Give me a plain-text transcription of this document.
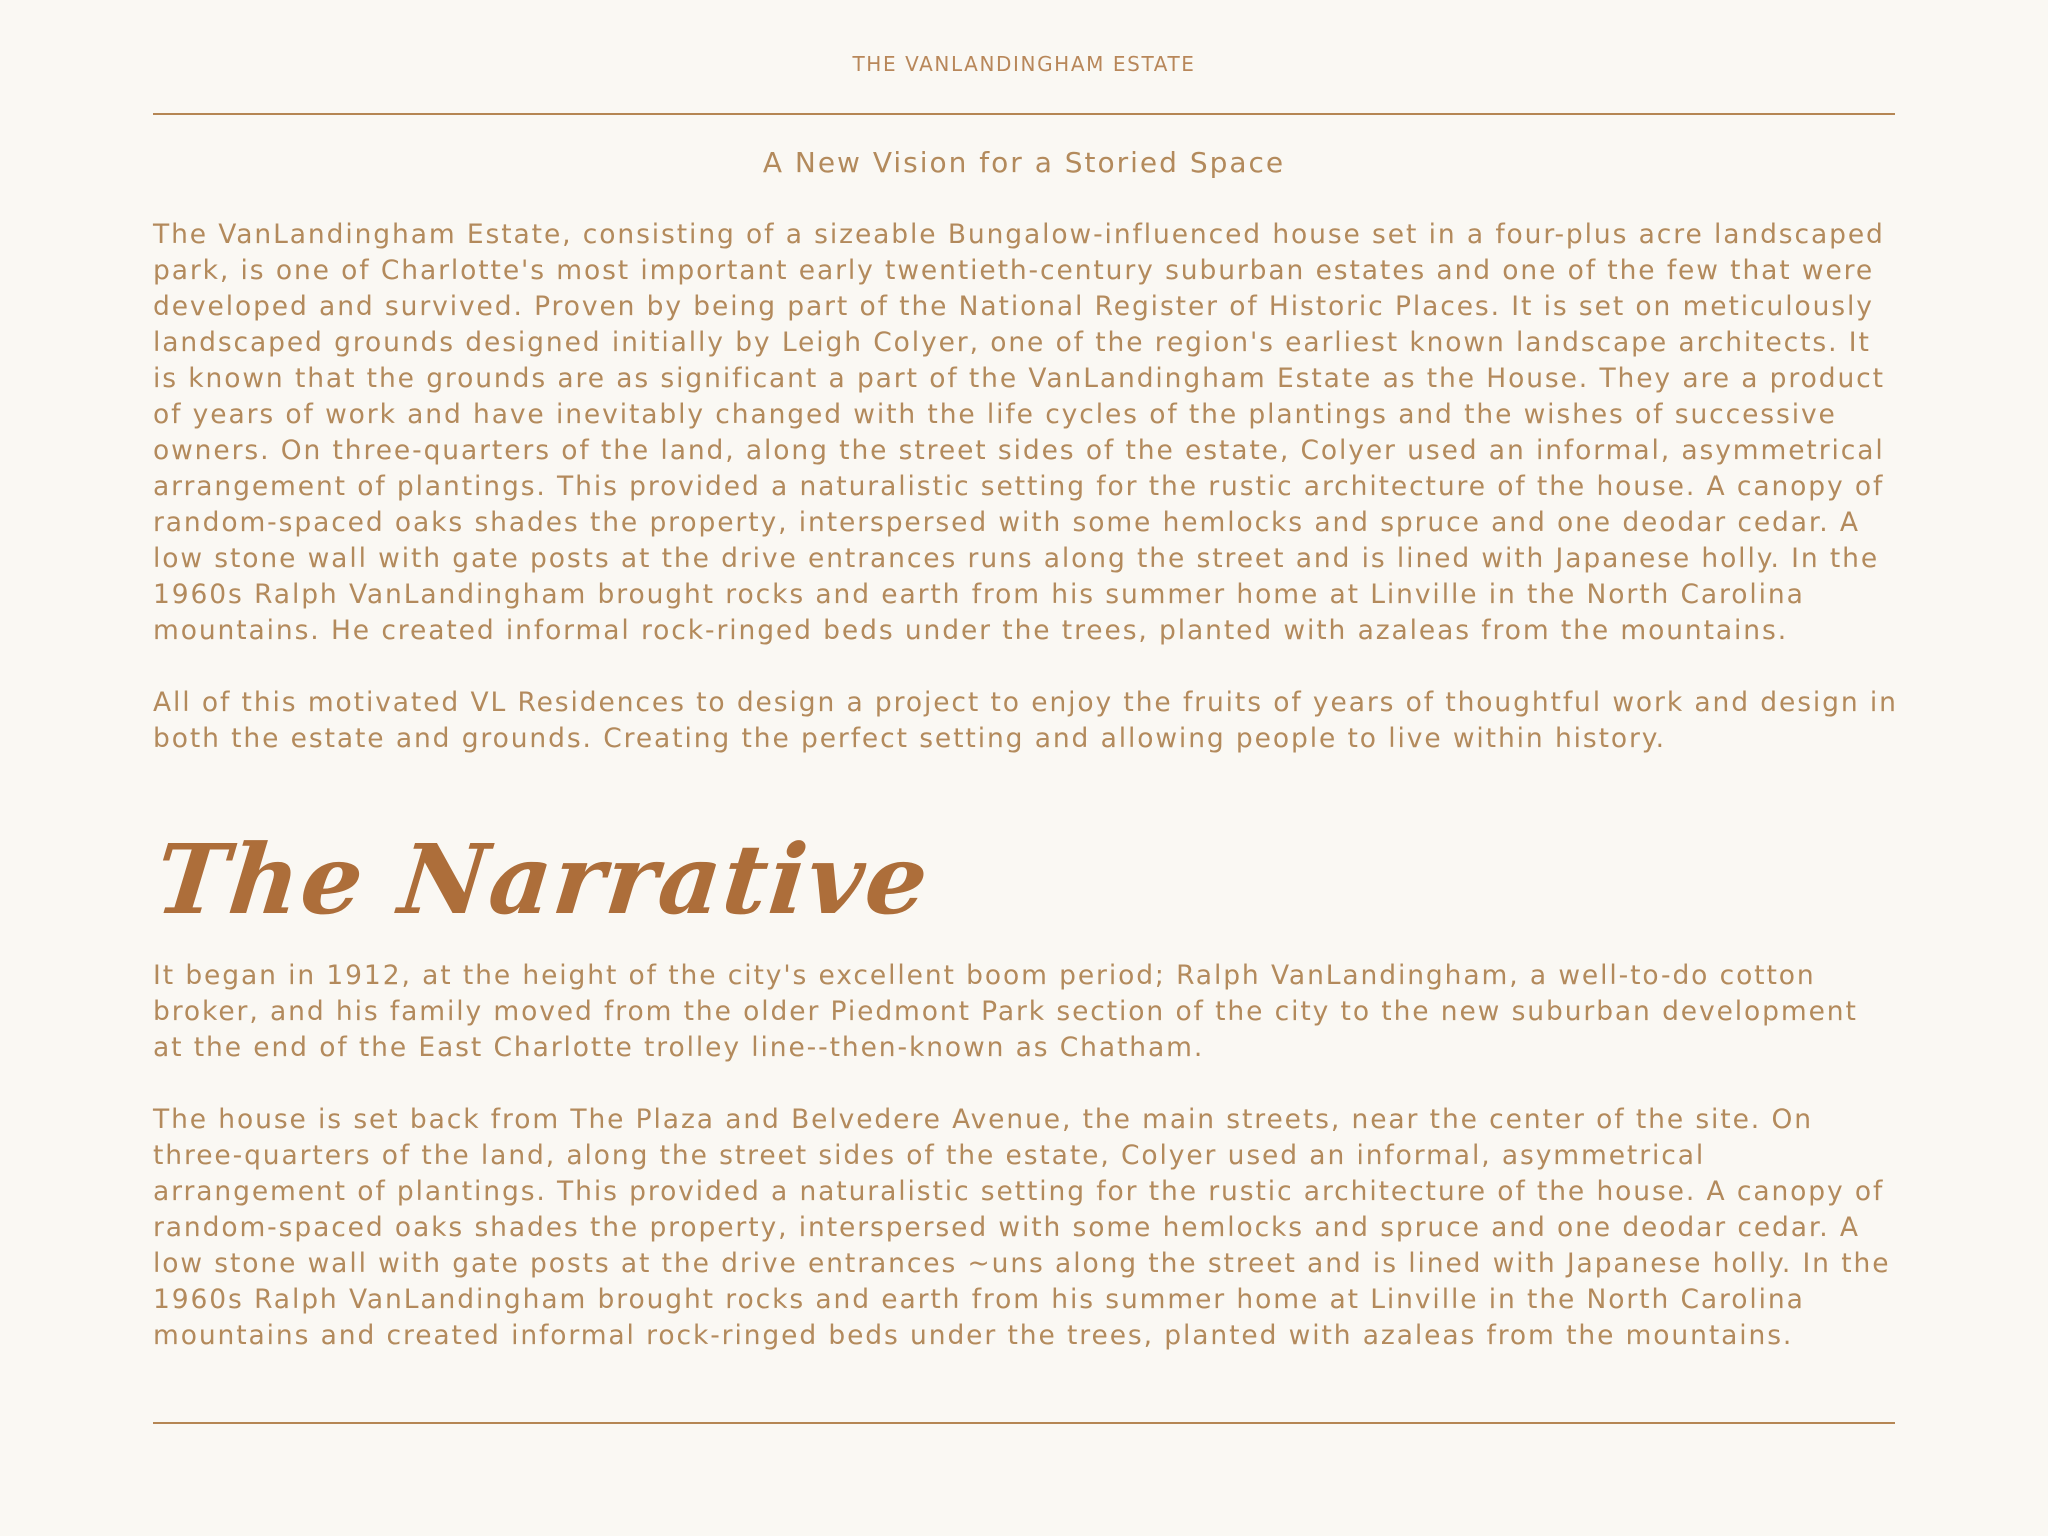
THE VANLANDINGHAM ESTATE
A New Vision for a Storied Space

The VanLandingham Estate, consisting of a sizeable Bungalow-influenced house set in a four-plus acre landscaped park, is one of Charlotte's most important early twentieth-century suburban estates and one of the few that were developed and survived. Proven by being part of the National Register of Historic Places. It is set on meticulously landscaped grounds designed initially by Leigh Colyer, one of the region's earliest known landscape architects. It is known that the grounds are as significant a part of the VanLandingham Estate as the House. They are a product of years of work and have inevitably changed with the life cycles of the plantings and the wishes of successive owners. On three-quarters of the land, along the street sides of the estate, Colyer used an informal, asymmetrical arrangement of plantings. This provided a naturalistic setting for the rustic architecture of the house. A canopy of random-spaced oaks shades the property, interspersed with some hemlocks and spruce and one deodar cedar. A low stone wall with gate posts at the drive entrances runs along the street and is lined with Japanese holly. In the 1960s Ralph VanLandingham brought rocks and earth from his summer home at Linville in the North Carolina mountains. He created informal rock-ringed beds under the trees, planted with azaleas from the mountains.

All of this motivated VL Residences to design a project to enjoy the fruits of years of thoughtful work and design in both the estate and grounds. Creating the perfect setting and allowing people to live within history.

The Narrative

It began in 1912, at the height of the city's excellent boom period; Ralph VanLandingham, a well-to-do cotton broker, and his family moved from the older Piedmont Park section of the city to the new suburban development at the end of the East Charlotte trolley line--then-known as Chatham.

The house is set back from The Plaza and Belvedere Avenue, the main streets, near the center of the site. On three-quarters of the land, along the street sides of the estate, Colyer used an informal, asymmetrical arrangement of plantings. This provided a naturalistic setting for the rustic architecture of the house. A canopy of random-spaced oaks shades the property, interspersed with some hemlocks and spruce and one deodar cedar. A low stone wall with gate posts at the drive entrances ~uns along the street and is lined with Japanese holly. In the 1960s Ralph VanLandingham brought rocks and earth from his summer home at Linville in the North Carolina mountains and created informal rock-ringed beds under the trees, planted with azaleas from the mountains.
